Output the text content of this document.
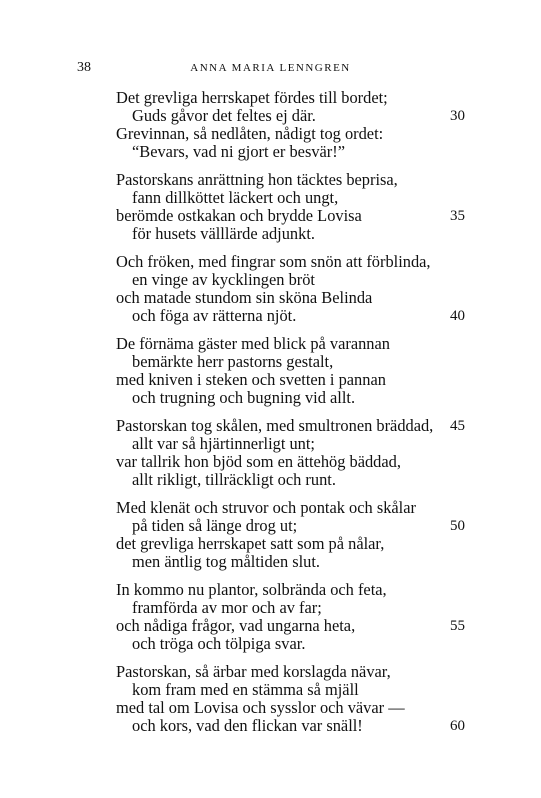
38	ANNA MARIA LENNGREN
Det grevliga herrskapet fördes till bordet;
Guds gåvor det feltes ej där.
Grevinnan, så nedlåten, nådigt tog ordet:
“Bevars, vad ni gjort er besvär!”
30
Pastorskans anrättning hon täcktes beprisa,
fann dillköttet läckert och ungt,
berömde ostkakan och brydde Lovisa
för husets välllärde adjunkt.
35
Och fröken, med fingrar som snön att förblinda,
en vinge av kycklingen bröt
och matade stundom sin sköna Belinda
och föga av rätterna njöt.	40
De förnäma gäster med blick på varannan
bemärkte herr pastorns gestalt,
med kniven i steken och svetten i pannan
och trugning och bugning vid allt.
Pastorskan tog skålen, med smultronen bräddad,
allt var så hjärtinnerligt unt;
var tallrik hon bjöd som en ättehög bäddad,
allt rikligt, tillräckligt och runt.
45
Med klenät och struvor och pontak och skålar
på tiden så länge drog ut;
det grevliga herrskapet satt som på nålar,
men äntlig tog måltiden slut.
50
In kommo nu plantor, solbrända och feta,
framförda av mor och av far;
och nådiga frågor, vad ungarna heta,
och tröga och tölpiga svar.
55
Pastorskan, så ärbar med korslagda nävar,
kom fram med en stämma så mjäll
med tal om Lovisa och sysslor och vävar —
och kors, vad den flickan var snäll!	60
